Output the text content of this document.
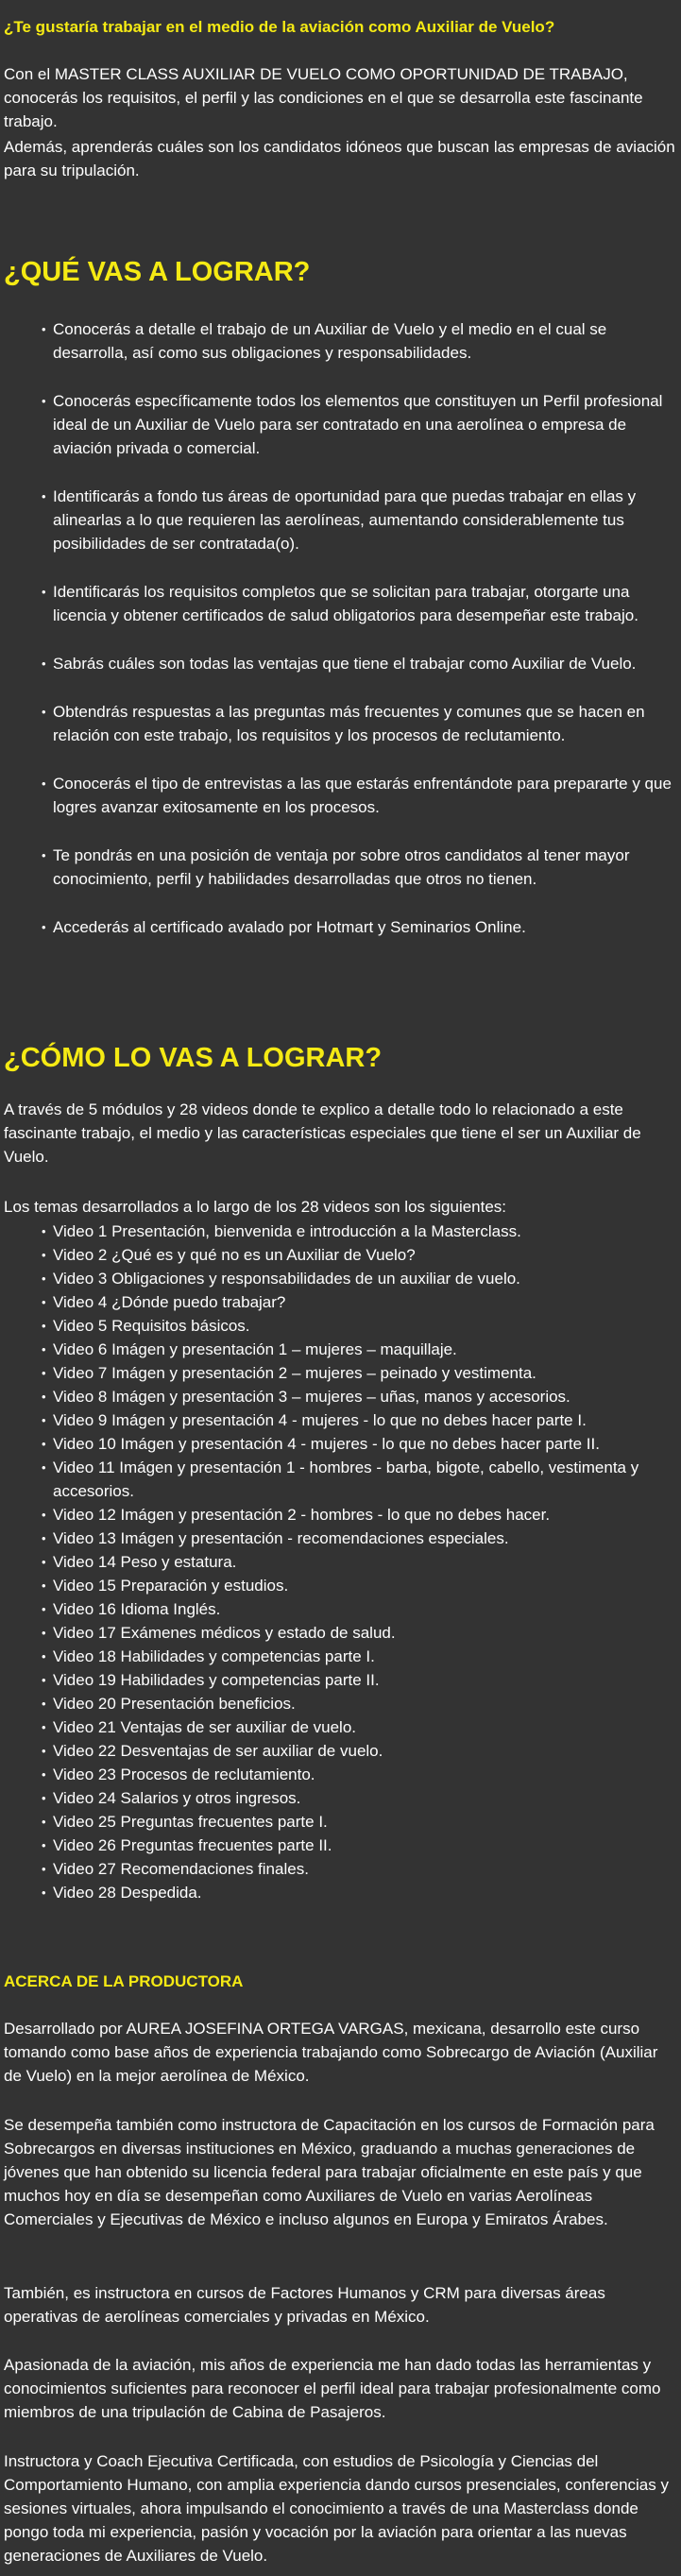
¿Te gustaría trabajar en el medio de la aviación como Auxiliar de Vuelo?

Con el MASTER CLASS AUXILIAR DE VUELO COMO OPORTUNIDAD DE TRABAJO, conocerás los requisitos, el perfil y las condiciones en el que se desarrolla este fascinante trabajo.

Además, aprenderás cuáles son los candidatos idóneos que buscan las empresas de aviación para su tripulación.

¿QUÉ VAS A LOGRAR?
• Conocerás a detalle el trabajo de un Auxiliar de Vuelo y el medio en el cual se desarrolla, así como sus obligaciones y responsabilidades.
• Conocerás específicamente todos los elementos que constituyen un Perfil profesional ideal de un Auxiliar de Vuelo para ser contratado en una aerolínea o empresa de aviación privada o comercial.
• Identificarás a fondo tus áreas de oportunidad para que puedas trabajar en ellas y alinearlas a lo que requieren las aerolíneas, aumentando considerablemente tus posibilidades de ser contratada(o).
• Identificarás los requisitos completos que se solicitan para trabajar, otorgarte una licencia y obtener certificados de salud obligatorios para desempeñar este trabajo.
• Sabrás cuáles son todas las ventajas que tiene el trabajar como Auxiliar de Vuelo.
• Obtendrás respuestas a las preguntas más frecuentes y comunes que se hacen en relación con este trabajo, los requisitos y los procesos de reclutamiento.
• Conocerás el tipo de entrevistas a las que estarás enfrentándote para prepararte y que logres avanzar exitosamente en los procesos.
• Te pondrás en una posición de ventaja por sobre otros candidatos al tener mayor conocimiento, perfil y habilidades desarrolladas que otros no tienen.
• Accederás al certificado avalado por Hotmart y Seminarios Online.
¿CÓMO LO VAS A LOGRAR?

A través de 5 módulos y 28 videos donde te explico a detalle todo lo relacionado a este fascinante trabajo, el medio y las características especiales que tiene el ser un Auxiliar de Vuelo.

Los temas desarrollados a lo largo de los 28 videos son los siguientes:

• Video 1 Presentación, bienvenida e introducción a la Masterclass.
• Video 2 ¿Qué es y qué no es un Auxiliar de Vuelo?
• Video 3 Obligaciones y responsabilidades de un auxiliar de vuelo.
• Video 4 ¿Dónde puedo trabajar?
• Video 5 Requisitos básicos.
• Video 6 Imágen y presentación 1 – mujeres – maquillaje.
• Video 7 Imágen y presentación 2 – mujeres – peinado y vestimenta.
• Video 8 Imágen y presentación 3 – mujeres – uñas, manos y accesorios.
• Video 9 Imágen y presentación 4 - mujeres - lo que no debes hacer parte I.
• Video 10 Imágen y presentación 4 - mujeres - lo que no debes hacer parte II.
• Video 11 Imágen y presentación 1 - hombres - barba, bigote, cabello, vestimenta y accesorios.
• Video 12 Imágen y presentación 2 - hombres - lo que no debes hacer.
• Video 13 Imágen y presentación - recomendaciones especiales.
• Video 14 Peso y estatura.
• Video 15 Preparación y estudios.
• Video 16 Idioma Inglés.
• Video 17 Exámenes médicos y estado de salud.
• Video 18 Habilidades y competencias parte I.
• Video 19 Habilidades y competencias parte II.
• Video 20 Presentación beneficios.
• Video 21 Ventajas de ser auxiliar de vuelo.
• Video 22 Desventajas de ser auxiliar de vuelo.
• Video 23 Procesos de reclutamiento.
• Video 24 Salarios y otros ingresos.
• Video 25 Preguntas frecuentes parte I.
• Video 26 Preguntas frecuentes parte II.
• Video 27 Recomendaciones finales.
• Video 28 Despedida.
ACERCA DE LA PRODUCTORA

Desarrollado por AUREA JOSEFINA ORTEGA VARGAS, mexicana, desarrollo este curso tomando como base años de experiencia trabajando como Sobrecargo de Aviación (Auxiliar de Vuelo) en la mejor aerolínea de México.

Se desempeña también como instructora de Capacitación en los cursos de Formación para Sobrecargos en diversas instituciones en México, graduando a muchas generaciones de jóvenes que han obtenido su licencia federal para trabajar oficialmente en este país y que muchos hoy en día se desempeñan como Auxiliares de Vuelo en varias Aerolíneas Comerciales y Ejecutivas de México e incluso algunos en Europa y Emiratos Árabes.

También, es instructora en cursos de Factores Humanos y CRM para diversas áreas operativas de aerolíneas comerciales y privadas en México.

Apasionada de la aviación, mis años de experiencia me han dado todas las herramientas y conocimientos suficientes para reconocer el perfil ideal para trabajar profesionalmente como miembros de una tripulación de Cabina de Pasajeros.

Instructora y Coach Ejecutiva Certificada, con estudios de Psicología y Ciencias del Comportamiento Humano, con amplia experiencia dando cursos presenciales, conferencias y sesiones virtuales, ahora impulsando el conocimiento a través de una Masterclass donde pongo toda mi experiencia, pasión y vocación por la aviación para orientar a las nuevas generaciones de Auxiliares de Vuelo.
